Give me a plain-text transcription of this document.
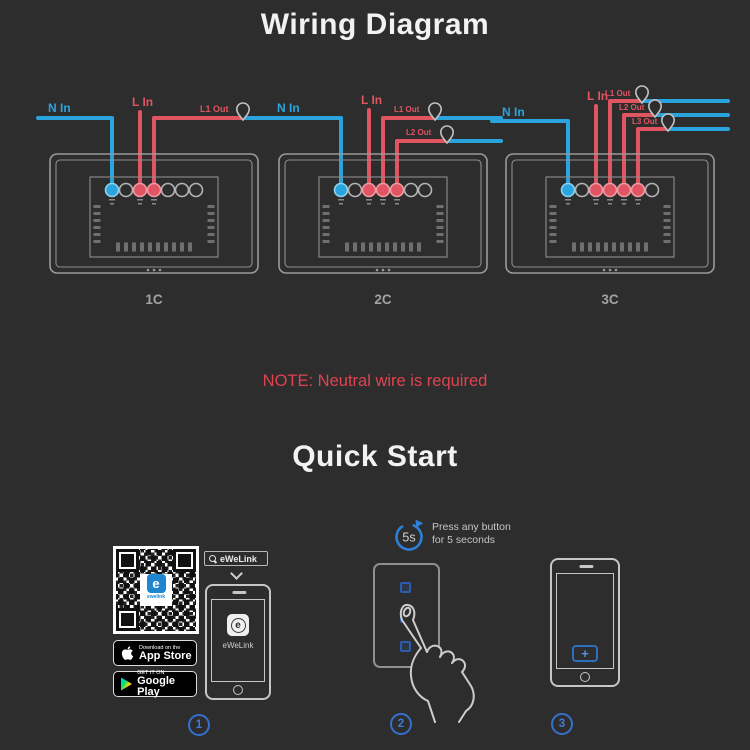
Wiring Diagram
N In	L In	L1 Out
1C
N In
L In
L1 Out
L2 Out
2C
N In
L In
L1 Out
L2 Out
L3 Out
3C
NOTE: Neutral wire is required
Quick Start
e
ewelink
Download on the
App Store
GET IT ON
Google Play
eWeLink
e
eWeLink
5s
Press any button
for 5 seconds
+
1	2	3
